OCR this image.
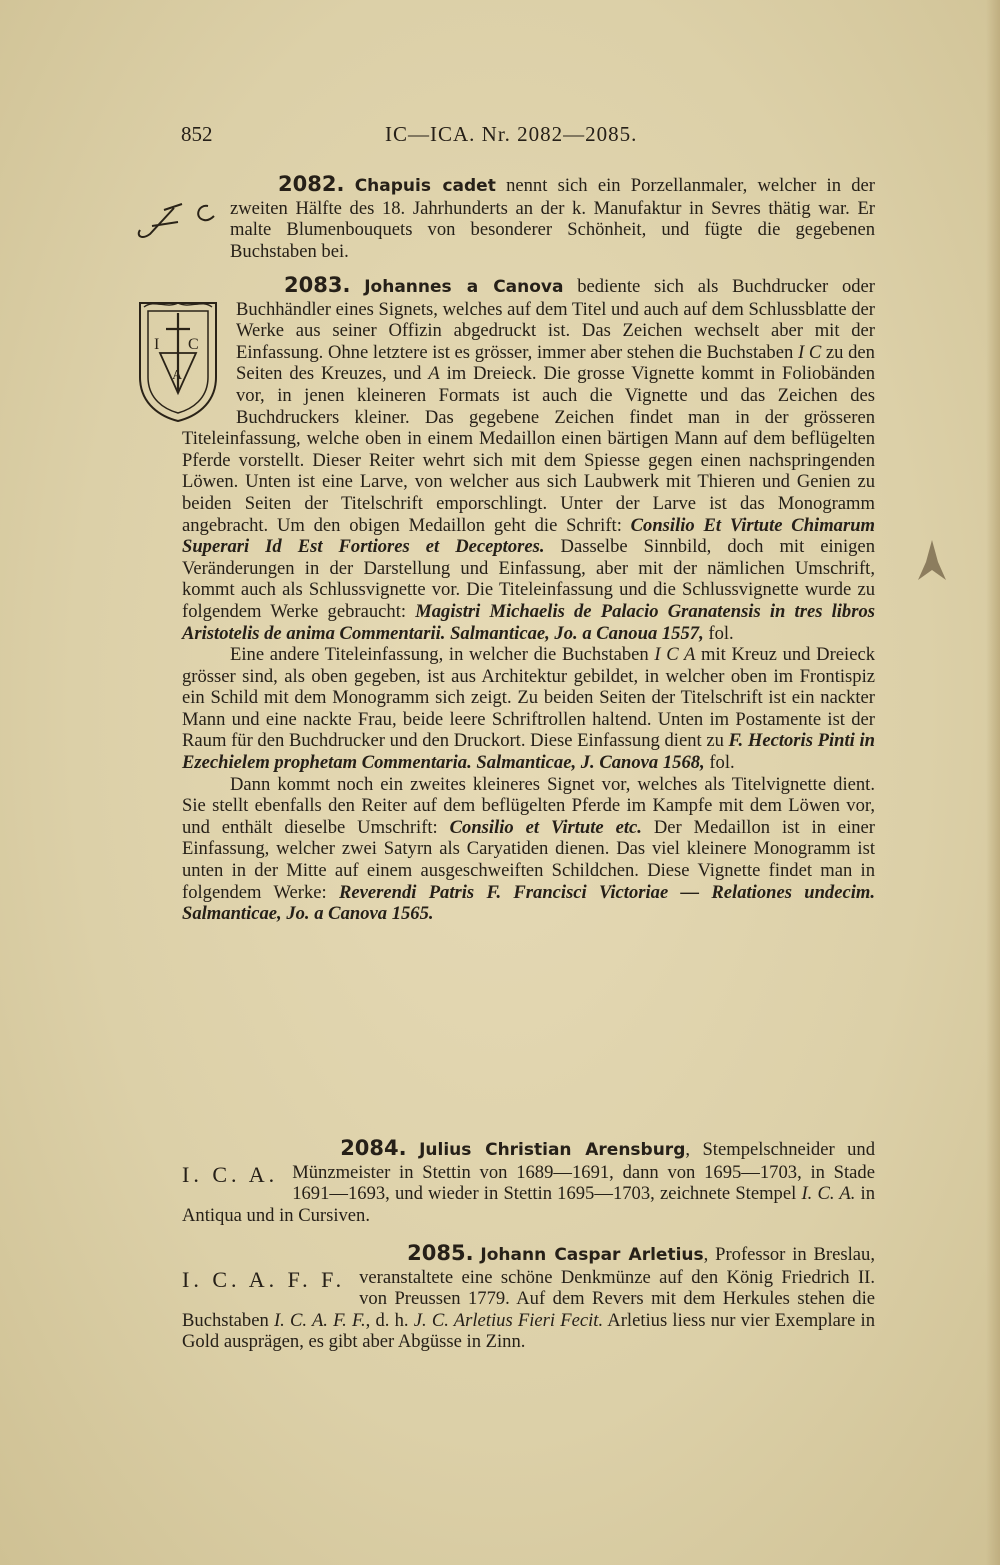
852	IC—ICA. Nr. 2082—2085.

2082. Chapuis cadet nennt sich ein Porzellanmaler, welcher in der zweiten Hälfte des 18. Jahrhunderts an der k. Manufaktur in Sevres thätig war. Er malte Blumenbouquets von besonderer Schönheit, und fügte die gegebenen Buchstaben bei.

I C
A
2083. Johannes a Canova bediente sich als Buchdrucker oder Buchhändler eines Signets, welches auf dem Titel und auch auf dem Schlussblatte der Werke aus seiner Offizin abgedruckt ist. Das Zeichen wechselt aber mit der Einfassung. Ohne letztere ist es grösser, immer aber stehen die Buchstaben I C zu den Seiten des Kreuzes, und A im Dreieck. Die grosse Vignette kommt in Foliobänden vor, in jenen kleineren Formats ist auch die Vignette und das Zeichen des Buchdruckers kleiner. Das gegebene Zeichen findet man in der grösseren Titeleinfassung, welche oben in einem Medaillon einen bärtigen Mann auf dem beflügelten Pferde vorstellt. Dieser Reiter wehrt sich mit dem Spiesse gegen einen nachspringenden Löwen. Unten ist eine Larve, von welcher aus sich Laubwerk mit Thieren und Genien zu beiden Seiten der Titelschrift emporschlingt. Unter der Larve ist das Monogramm angebracht. Um den obigen Medaillon geht die Schrift: Consilio Et Virtute Chimarum Superari Id Est Fortiores et Deceptores. Dasselbe Sinnbild, doch mit einigen Veränderungen in der Darstellung und Einfassung, aber mit der nämlichen Umschrift, kommt auch als Schlussvignette vor. Die Titeleinfassung und die Schlussvignette wurde zu folgendem Werke gebraucht: Magistri Michaelis de Palacio Granatensis in tres libros Aristotelis de anima Commentarii. Salmanticae, Jo. a Canoua 1557, fol.

Eine andere Titeleinfassung, in welcher die Buchstaben I C A mit Kreuz und Dreieck grösser sind, als oben gegeben, ist aus Architektur gebildet, in welcher oben im Frontispiz ein Schild mit dem Monogramm sich zeigt. Zu beiden Seiten der Titelschrift ist ein nackter Mann und eine nackte Frau, beide leere Schriftrollen haltend. Unten im Postamente ist der Raum für den Buchdrucker und den Druckort. Diese Einfassung dient zu F. Hectoris Pinti in Ezechielem prophetam Commentaria. Salmanticae, J. Canova 1568, fol.

Dann kommt noch ein zweites kleineres Signet vor, welches als Titelvignette dient. Sie stellt ebenfalls den Reiter auf dem beflügelten Pferde im Kampfe mit dem Löwen vor, und enthält dieselbe Umschrift: Consilio et Virtute etc. Der Medaillon ist in einer Einfassung, welcher zwei Satyrn als Caryatiden dienen. Das viel kleinere Monogramm ist unten in der Mitte auf einem ausgeschweiften Schildchen. Diese Vignette findet man in folgendem Werke: Reverendi Patris F. Francisci Victoriae — Relationes undecim. Salmanticae, Jo. a Canova 1565.

I. C. A.
2084. Julius Christian Arensburg, Stempelschneider und Münzmeister in Stettin von 1689—1691, dann von 1695—1703, in Stade 1691—1693, und wieder in Stettin 1695—1703, zeichnete Stempel I. C. A. in Antiqua und in Cursiven.

I. C. A. F. F.
2085. Johann Caspar Arletius, Professor in Breslau, veranstaltete eine schöne Denkmünze auf den König Friedrich II. von Preussen 1779. Auf dem Revers mit dem Herkules stehen die Buchstaben I. C. A. F. F., d. h. J. C. Arletius Fieri Fecit. Arletius liess nur vier Exemplare in Gold ausprägen, es gibt aber Abgüsse in Zinn.
